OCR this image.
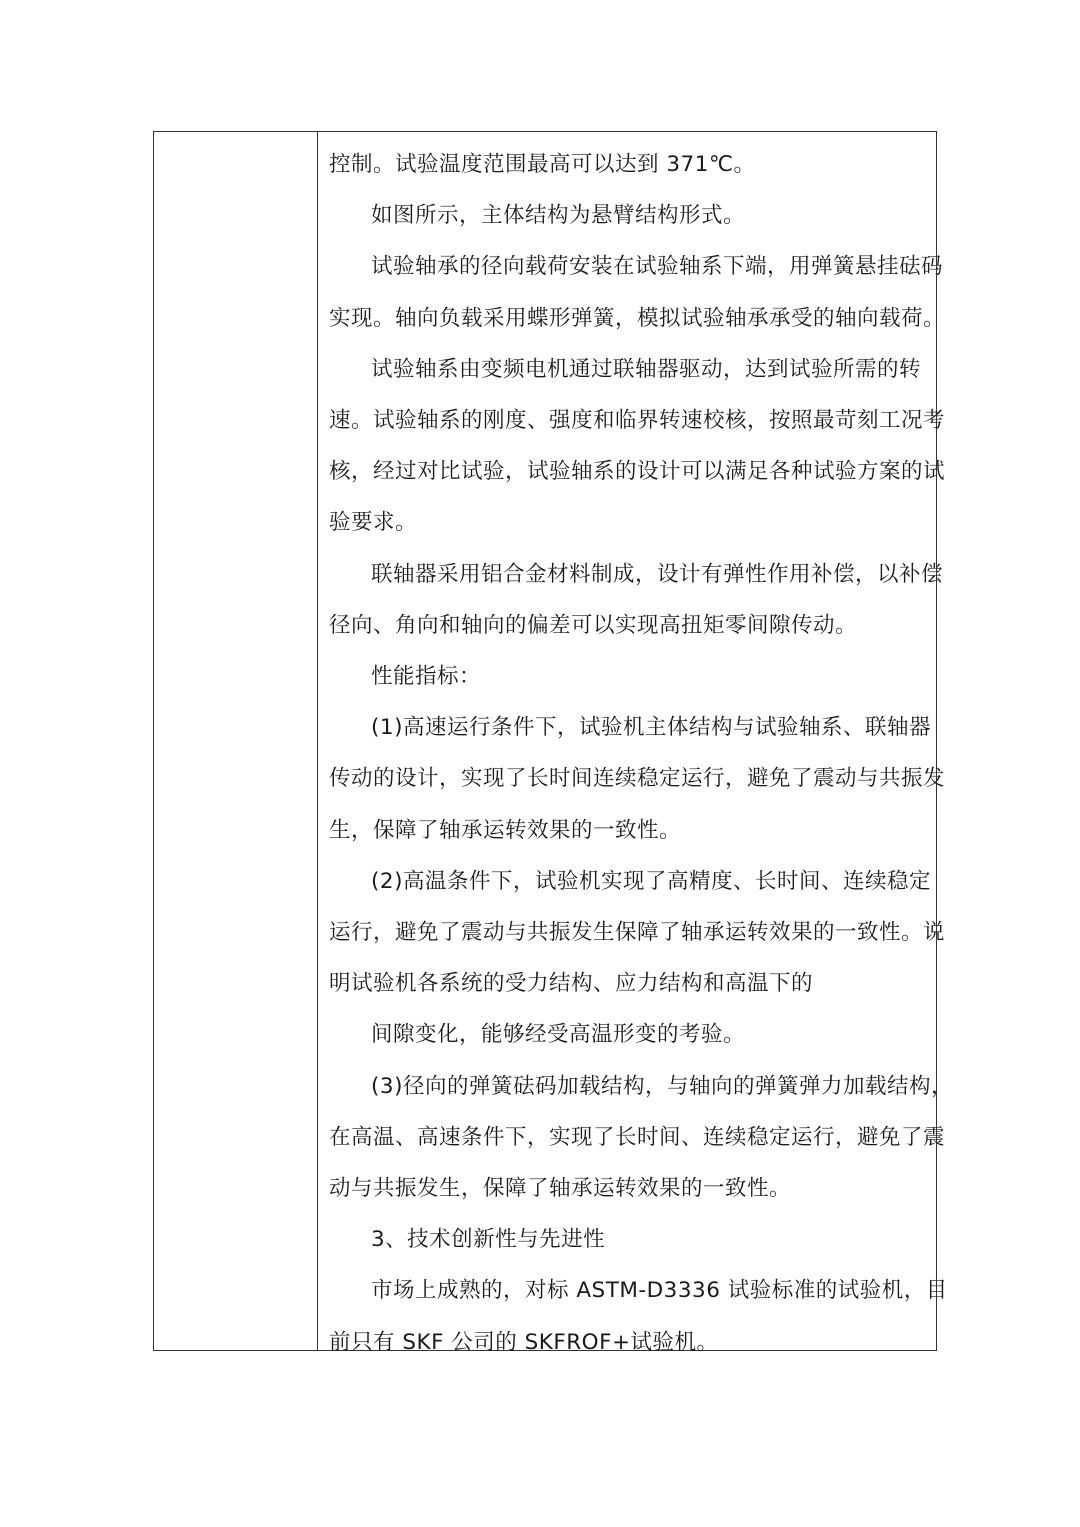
控制。试验温度范围最高可以达到 371℃。
如图所示，主体结构为悬臂结构形式。
试验轴承的径向载荷安装在试验轴系下端，用弹簧悬挂砝码
实现。轴向负载采用蝶形弹簧，模拟试验轴承承受的轴向载荷。
试验轴系由变频电机通过联轴器驱动，达到试验所需的转
速。试验轴系的刚度、强度和临界转速校核，按照最苛刻工况考
核，经过对比试验，试验轴系的设计可以满足各种试验方案的试
验要求。
联轴器采用铝合金材料制成，设计有弹性作用补偿，以补偿
径向、角向和轴向的偏差可以实现高扭矩零间隙传动。
性能指标：
(1)高速运行条件下，试验机主体结构与试验轴系、联轴器
传动的设计，实现了长时间连续稳定运行，避免了震动与共振发
生，保障了轴承运转效果的一致性。
(2)高温条件下，试验机实现了高精度、长时间、连续稳定
运行，避免了震动与共振发生保障了轴承运转效果的一致性。说
明试验机各系统的受力结构、应力结构和高温下的
间隙变化，能够经受高温形变的考验。
(3)径向的弹簧砝码加载结构，与轴向的弹簧弹力加载结构，
在高温、高速条件下，实现了长时间、连续稳定运行，避免了震
动与共振发生，保障了轴承运转效果的一致性。
3、技术创新性与先进性
市场上成熟的，对标 ASTM-D3336 试验标准的试验机，目
前只有 SKF 公司的 SKFROF+试验机。
